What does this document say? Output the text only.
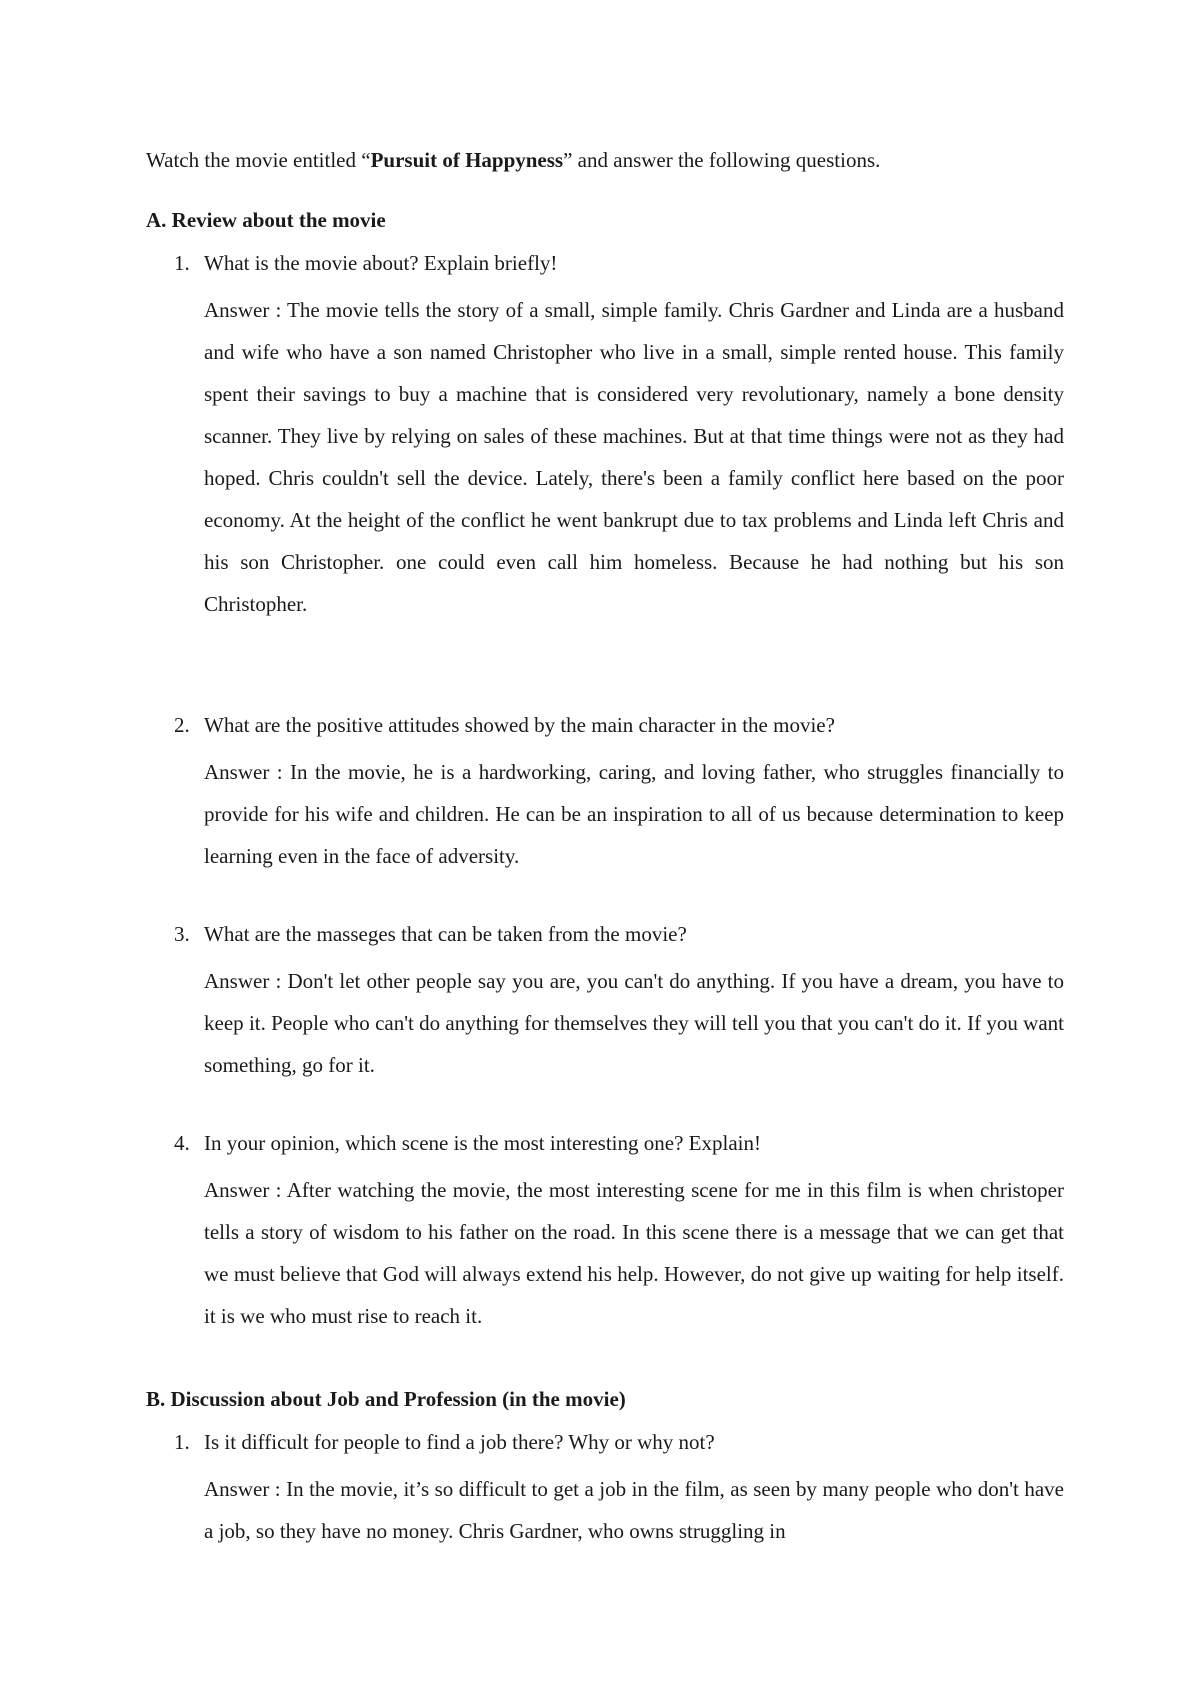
Watch the movie entitled “Pursuit of Happyness” and answer the following questions.
A. Review about the movie
1. What is the movie about? Explain briefly!
Answer : The movie tells the story of a small, simple family. Chris Gardner and Linda are a husband and wife who have a son named Christopher who live in a small, simple rented house. This family spent their savings to buy a machine that is considered very revolutionary, namely a bone density scanner. They live by relying on sales of these machines. But at that time things were not as they had hoped. Chris couldn't sell the device. Lately, there's been a family conflict here based on the poor economy. At the height of the conflict he went bankrupt due to tax problems and Linda left Chris and his son Christopher. one could even call him homeless. Because he had nothing but his son Christopher.
2. What are the positive attitudes showed by the main character in the movie?
Answer : In the movie, he is a hardworking, caring, and loving father, who struggles financially to provide for his wife and children. He can be an inspiration to all of us because determination to keep learning even in the face of adversity.
3. What are the masseges that can be taken from the movie?
Answer : Don't let other people say you are, you can't do anything. If you have a dream, you have to keep it. People who can't do anything for themselves they will tell you that you can't do it. If you want something, go for it.
4. In your opinion, which scene is the most interesting one? Explain!
Answer : After watching the movie, the most interesting scene for me in this film is when christoper tells a story of wisdom to his father on the road. In this scene there is a message that we can get that we must believe that God will always extend his help. However, do not give up waiting for help itself. it is we who must rise to reach it.
B. Discussion about Job and Profession (in the movie)
1. Is it difficult for people to find a job there? Why or why not?
Answer : In the movie, it’s so difficult to get a job in the film, as seen by many people who don't have a job, so they have no money. Chris Gardner, who owns struggling in
